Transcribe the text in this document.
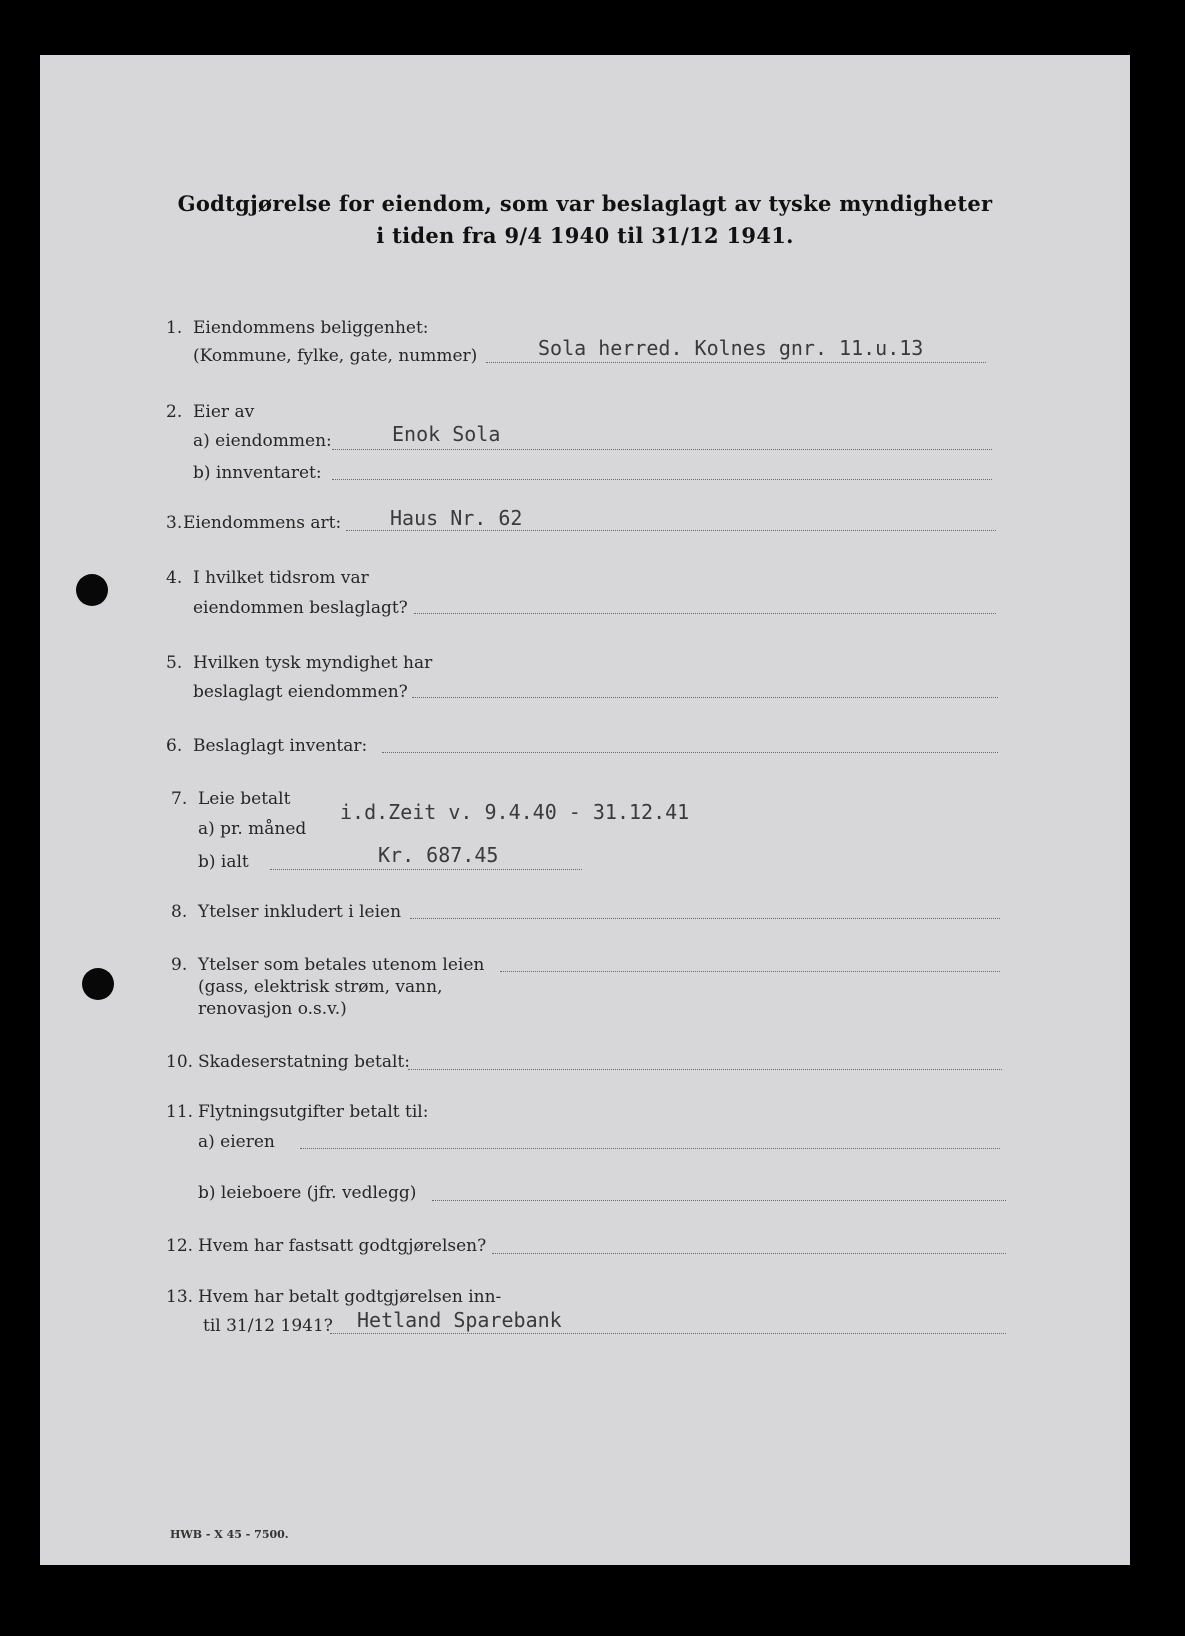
Godtgjørelse for eiendom, som var beslaglagt av tyske myndigheter
i tiden fra 9/4 1940 til 31/12 1941.
1. Eiendommens beliggenhet:
(Kommune, fylke, gate, nummer)	Sola herred. Kolnes gnr. 11.u.13
2. Eier av
a) eiendommen:	Enok Sola
b) innventaret:
3. Eiendommens art: Haus Nr. 62
4. I hvilket tidsrom var
eiendommen beslaglagt?
5. Hvilken tysk myndighet har
beslaglagt eiendommen?
6. Beslaglagt inventar:
7. Leie betalt
a) pr. måned
i.d.Zeit v. 9.4.40 - 31.12.41
b) ialt	Kr. 687.45
8. Ytelser inkludert i leien
9. Ytelser som betales utenom leien
(gass, elektrisk strøm, vann,
renovasjon o.s.v.)
10. Skadeserstatning betalt:
11. Flytningsutgifter betalt til:
a) eieren
b) leieboere (jfr. vedlegg)
12. Hvem har fastsatt godtgjørelsen?
13. Hvem har betalt godtgjørelsen inn-
til 31/12 1941? Hetland Sparebank
HWB - X 45 - 7500.
